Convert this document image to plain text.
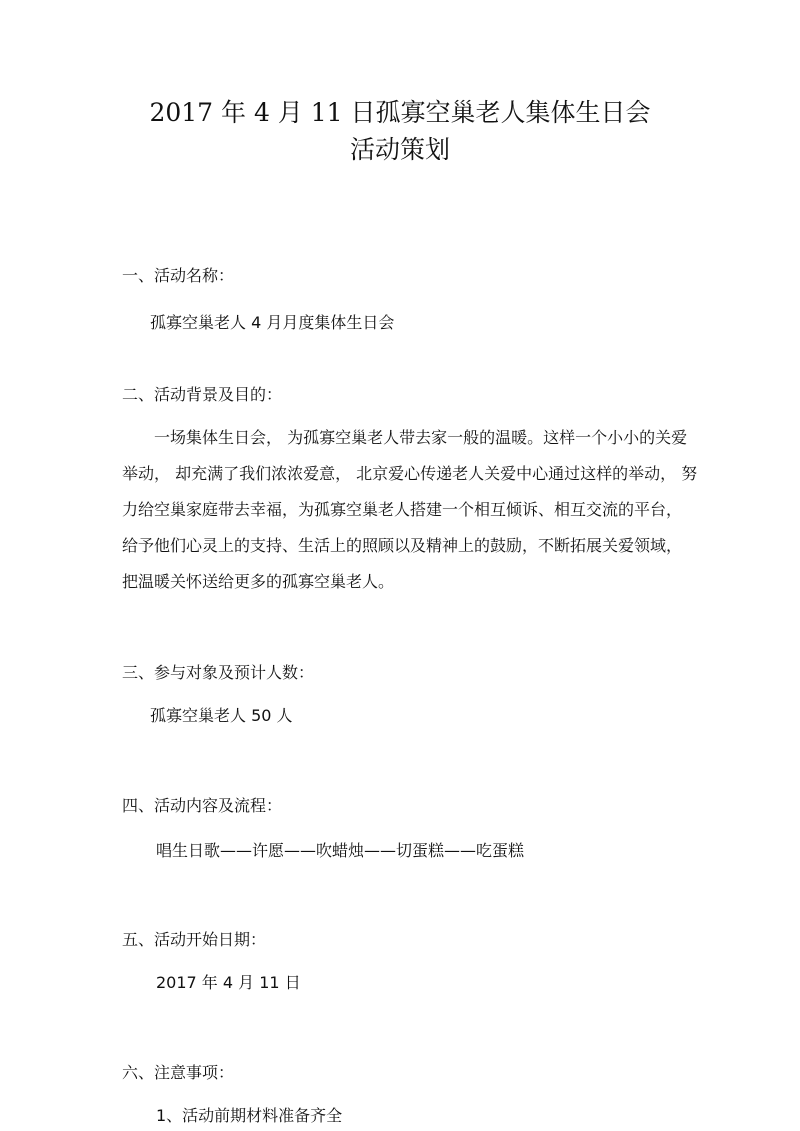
2017 年 4 月 11 日孤寡空巢老人集体生日会
活动策划
一、活动名称：

孤寡空巢老人 4 月月度集体生日会

二、活动背景及目的：
一场集体生日会， 为孤寡空巢老人带去家一般的温暖。这样一个小小的关爱
举动， 却充满了我们浓浓爱意， 北京爱心传递老人关爱中心通过这样的举动， 努
力给空巢家庭带去幸福，为孤寡空巢老人搭建一个相互倾诉、相互交流的平台，
给予他们心灵上的支持、生活上的照顾以及精神上的鼓励，不断拓展关爱领域，
把温暖关怀送给更多的孤寡空巢老人。
三、参与对象及预计人数：

孤寡空巢老人 50 人

四、活动内容及流程：

唱生日歌——许愿——吹蜡烛——切蛋糕——吃蛋糕

五、活动开始日期：

2017 年 4 月 11 日

六、注意事项：

1、活动前期材料准备齐全
